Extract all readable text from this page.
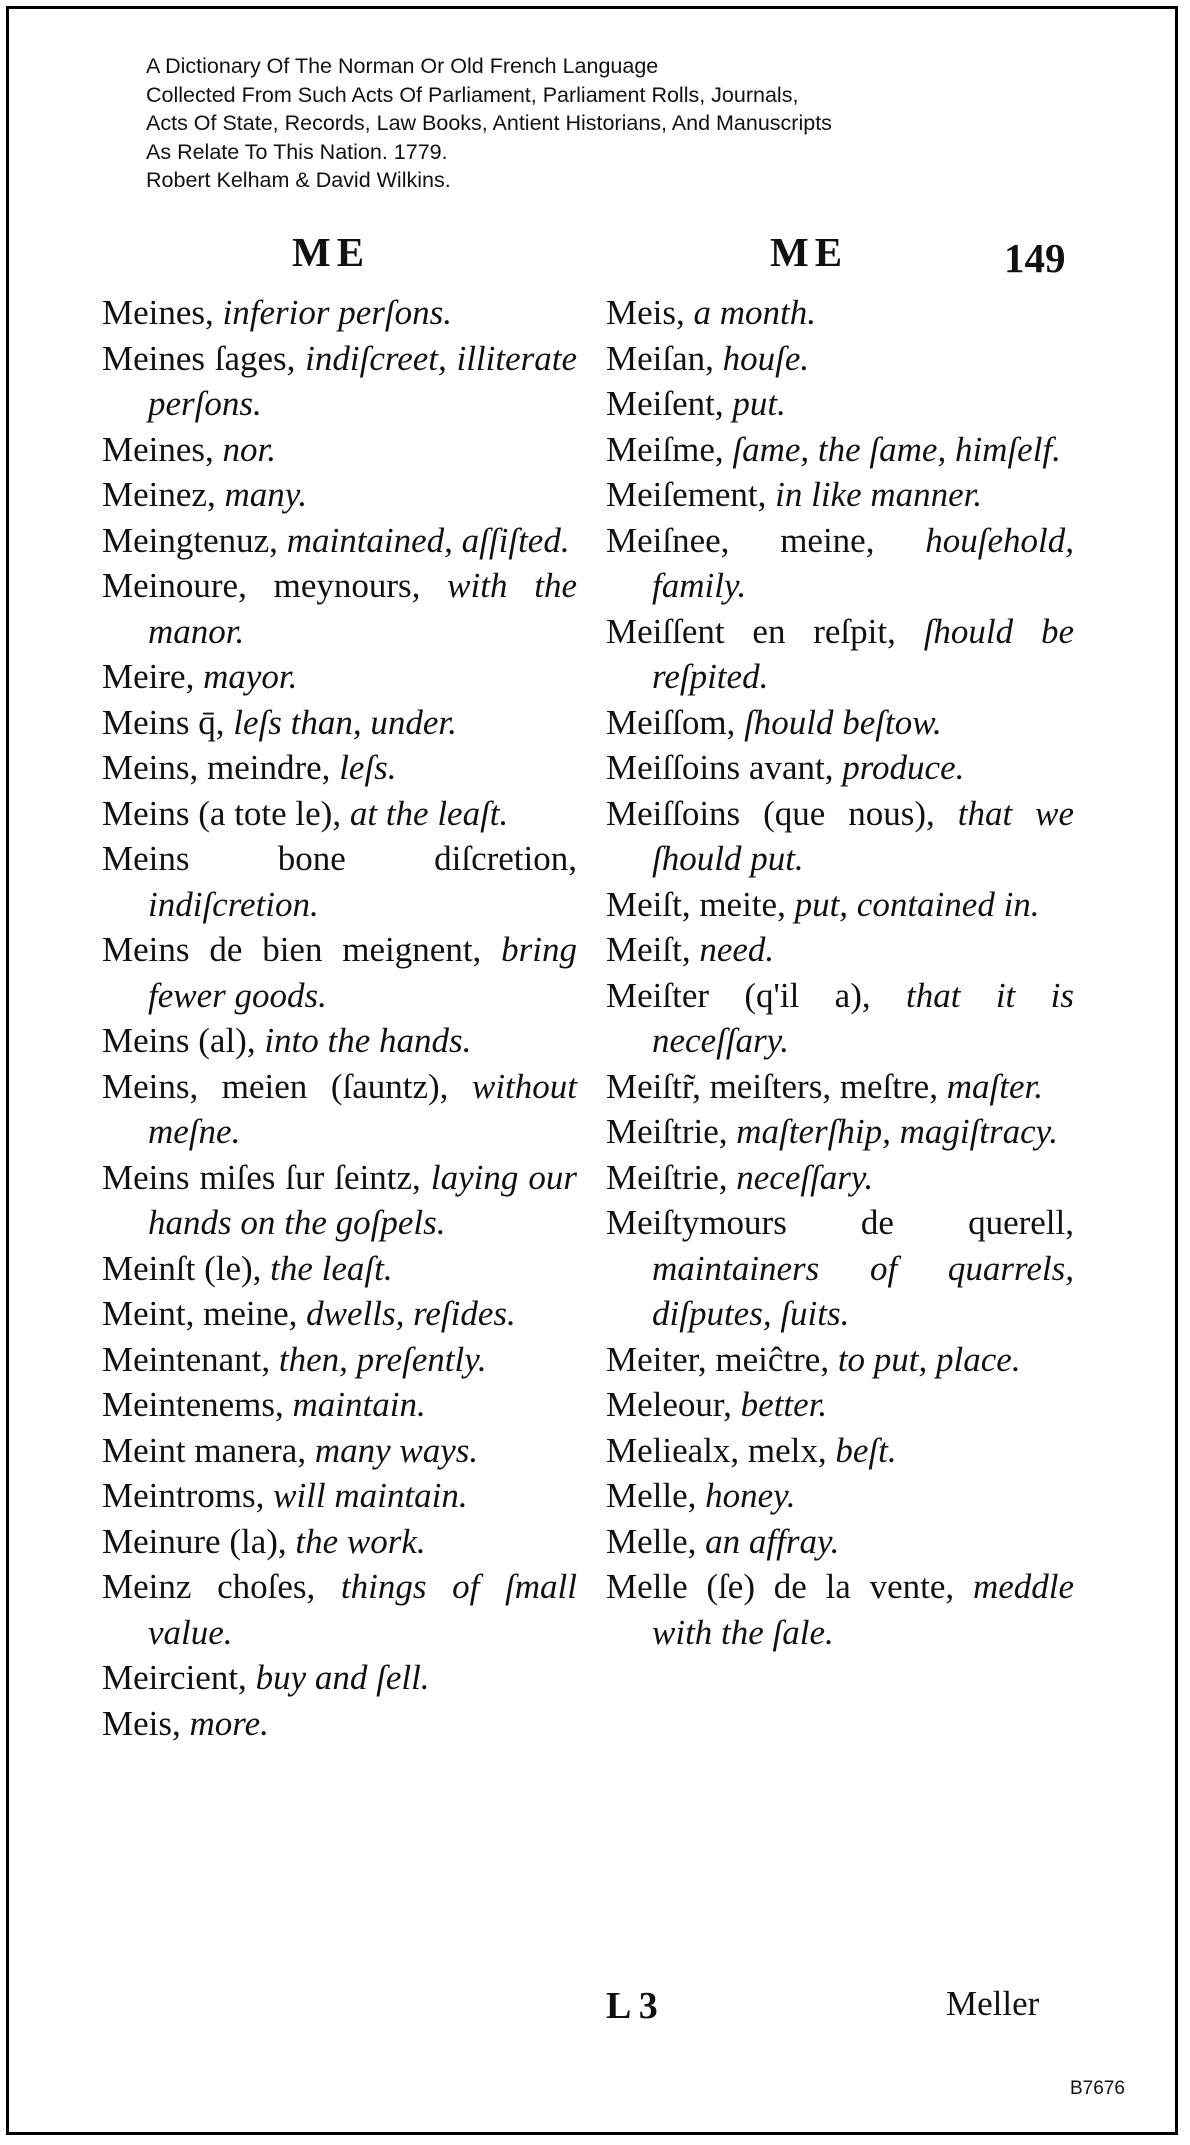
A Dictionary Of The Norman Or Old French Language
Collected From Such Acts Of Parliament, Parliament Rolls, Journals,
Acts Of State, Records, Law Books, Antient Historians, And Manuscripts
As Relate To This Nation. 1779.
Robert Kelham & David Wilkins.
ME	ME	149

Meines, inferior perſons.

Meines ſages, indiſcreet, illiterate perſons.

Meines, nor.

Meinez, many.

Meingtenuz, maintained, aſſiſted.

Meinoure, meynours, with the manor.

Meire, mayor.

Meins q̄, leſs than, under.

Meins, meindre, leſs.

Meins (a tote le), at the leaſt.

Meins bone diſcretion, indiſcretion.

Meins de bien meignent, bring fewer goods.

Meins (al), into the hands.

Meins, meien (ſauntz), without meſne.

Meins miſes ſur ſeintz, laying our hands on the goſpels.

Meinſt (le), the leaſt.

Meint, meine, dwells, reſides.

Meintenant, then, preſently.

Meintenems, maintain.

Meint manera, many ways.

Meintroms, will maintain.

Meinure (la), the work.

Meinz choſes, things of ſmall value.

Meircient, buy and ſell.

Meis, more.

Meis, a month.

Meiſan, houſe.

Meiſent, put.

Meiſme, ſame, the ſame, himſelf.

Meiſement, in like manner.

Meiſnee, meine, houſehold, family.

Meiſſent en reſpit, ſhould be reſpited.

Meiſſom, ſhould beſtow.

Meiſſoins avant, produce.

Meiſſoins (que nous), that we ſhould put.

Meiſt, meite, put, contained in.

Meiſt, need.

Meiſter (q'il a), that it is neceſſary.

Meiſtr̃, meiſters, meſtre, maſter.

Meiſtrie, maſterſhip, magiſtracy.

Meiſtrie, neceſſary.

Meiſtymours de querell, maintainers of quarrels, diſputes, ſuits.

Meiter, meiĉtre, to put, place.

Meleour, better.

Meliealx, melx, beſt.

Melle, honey.

Melle, an affray.

Melle (ſe) de la vente, meddle with the ſale.

L 3	Meller
B7676
